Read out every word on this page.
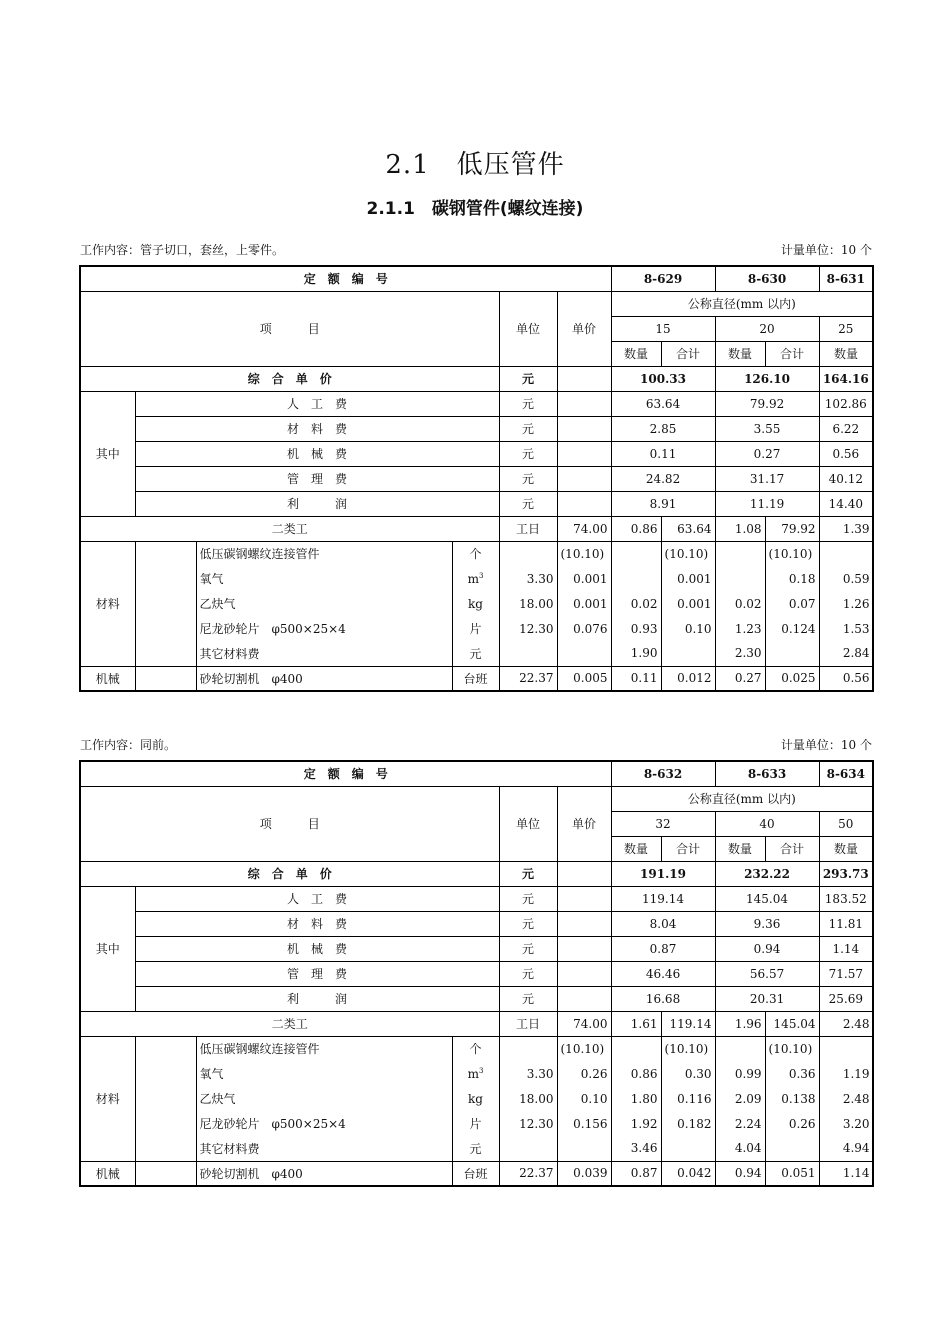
2.1　低压管件
2.1.1　碳钢管件(螺纹连接)
工作内容：管子切口，套丝，上零件。	计量单位：10 个
定　额　编　号						8-629		8-630		8-631	
项　　　目				单位	单价	公称直径(mm 以内)					
						15		20		25	
						数量	合计	数量	合计	数量	
综　合　单　价				元		100.33		126.10		164.16	
其中	人　工　费			元		63.64		79.92		102.86	
	材　料　费			元		2.85		3.55		6.22	
	机　械　费			元		0.11		0.27		0.56	
	管　理　费			元		24.82		31.17		40.12	
	利　　　润			元		8.91		11.19		14.40	
二类工				工日	74.00	0.86	63.64	1.08	79.92	1.39	
材料		低压碳钢螺纹连接管件	个		(10.10)		(10.10)		(10.10)		
		氧气	$m^3$	3.30	0.001		0.001		0.18	0.59	
		乙炔气	kg	18.00	0.001	0.02	0.001	0.02	0.07	1.26	
		尼龙砂轮片　φ500×25×4	片	12.30	0.076	0.93	0.10	1.23	0.124	1.53	
		其它材料费	元			1.90		2.30		2.84	
机械		砂轮切割机　φ400	台班	22.37	0.005	0.11	0.012	0.27	0.025	0.56	
工作内容：同前。	计量单位：10 个
定　额　编　号						8-632		8-633		8-634	
项　　　目				单位	单价	公称直径(mm 以内)					
						32		40		50	
						数量	合计	数量	合计	数量	
综　合　单　价				元		191.19		232.22		293.73	
其中	人　工　费			元		119.14		145.04		183.52	
	材　料　费			元		8.04		9.36		11.81	
	机　械　费			元		0.87		0.94		1.14	
	管　理　费			元		46.46		56.57		71.57	
	利　　　润			元		16.68		20.31		25.69	
二类工				工日	74.00	1.61	119.14	1.96	145.04	2.48	
材料		低压碳钢螺纹连接管件	个		(10.10)		(10.10)		(10.10)		
		氧气	$m^3$	3.30	0.26	0.86	0.30	0.99	0.36	1.19	
		乙炔气	kg	18.00	0.10	1.80	0.116	2.09	0.138	2.48	
		尼龙砂轮片　φ500×25×4	片	12.30	0.156	1.92	0.182	2.24	0.26	3.20	
		其它材料费	元			3.46		4.04		4.94	
机械		砂轮切割机　φ400	台班	22.37	0.039	0.87	0.042	0.94	0.051	1.14	
